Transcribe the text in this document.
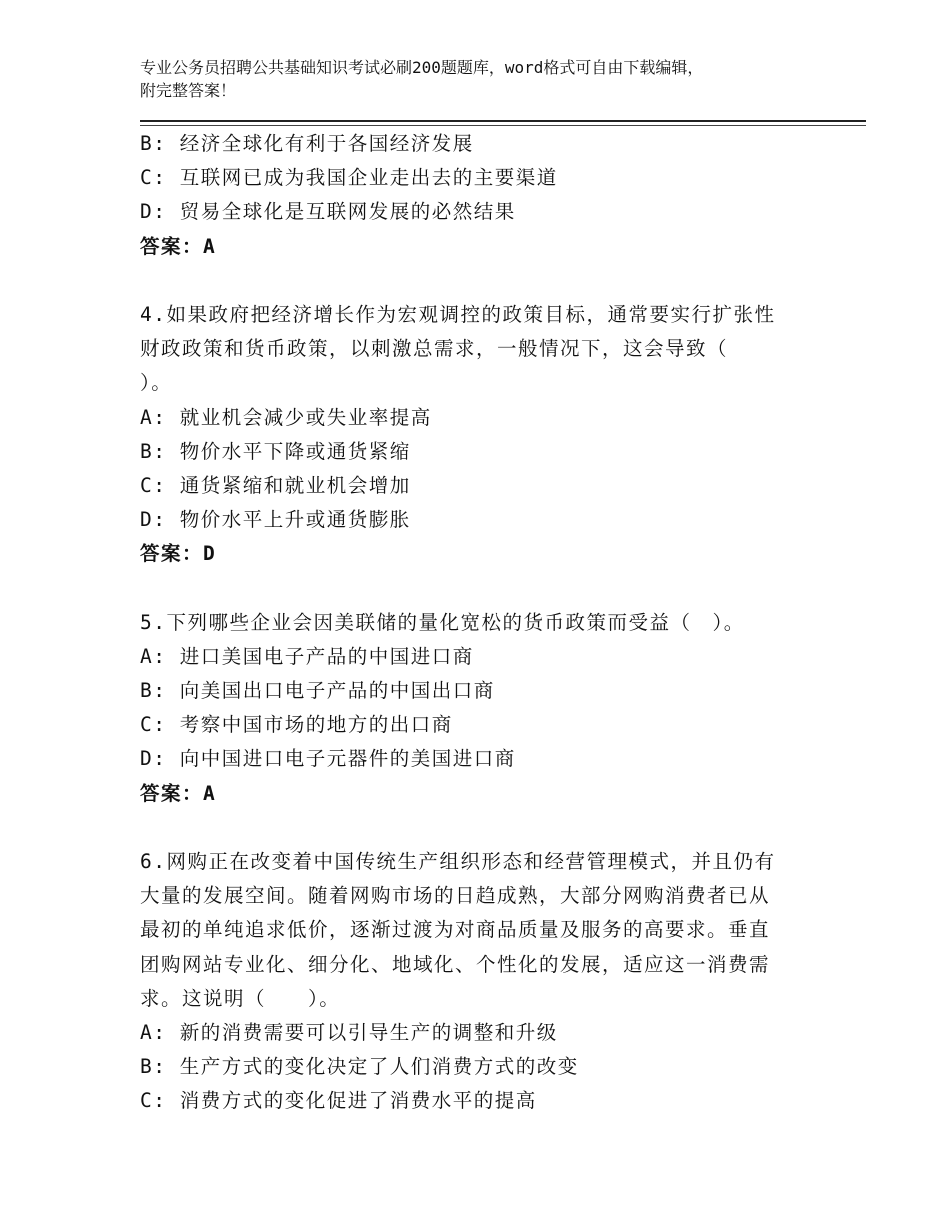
专业公务员招聘公共基础知识考试必刷200题题库，word格式可自由下载编辑，
附完整答案！
B: 经济全球化有利于各国经济发展
C: 互联网已成为我国企业走出去的主要渠道
D: 贸易全球化是互联网发展的必然结果
答案：A
4.如果政府把经济增长作为宏观调控的政策目标，通常要实行扩张性
财政政策和货币政策，以刺激总需求，一般情况下，这会导致（
）。
A: 就业机会减少或失业率提高
B: 物价水平下降或通货紧缩
C: 通货紧缩和就业机会增加
D: 物价水平上升或通货膨胀
答案：D
5.下列哪些企业会因美联储的量化宽松的货币政策而受益（　）。
A: 进口美国电子产品的中国进口商
B: 向美国出口电子产品的中国出口商
C: 考察中国市场的地方的出口商
D: 向中国进口电子元器件的美国进口商
答案：A
6.网购正在改变着中国传统生产组织形态和经营管理模式，并且仍有
大量的发展空间。随着网购市场的日趋成熟，大部分网购消费者已从
最初的单纯追求低价，逐渐过渡为对商品质量及服务的高要求。垂直
团购网站专业化、细分化、地域化、个性化的发展，适应这一消费需
求。这说明（　　）。
A: 新的消费需要可以引导生产的调整和升级
B: 生产方式的变化决定了人们消费方式的改变
C: 消费方式的变化促进了消费水平的提高
